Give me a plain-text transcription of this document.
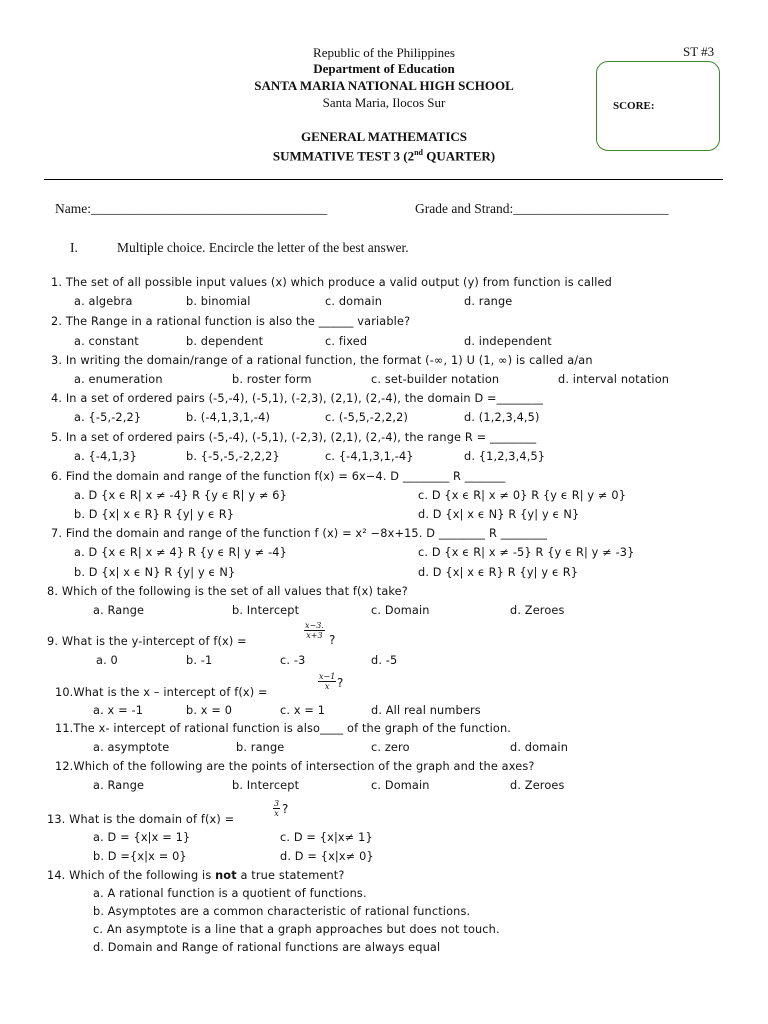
Republic of the Philippines
Department of Education
SANTA MARIA NATIONAL HIGH SCHOOL
Santa Maria, Ilocos Sur
GENERAL MATHEMATICS
SUMMATIVE TEST 3 (2nd QUARTER)
ST #3
SCORE:
Name:___________________________________	Grade and Strand:_______________________
I.	Multiple choice. Encircle the letter of the best answer.
1. The set of all possible input values (x) which produce a valid output (y) from function is called
a. algebra	b. binomial	c. domain	d. range
2. The Range in a rational function is also the ______ variable?
a. constant	b. dependent	c. fixed	d. independent
3. In writing the domain/range of a rational function, the format (-∞, 1) U (1, ∞) is called a/an
a. enumeration	b. roster form	c. set-builder notation	d. interval notation
4. In a set of ordered pairs (-5,-4), (-5,1), (-2,3), (2,1), (2,-4), the domain D =________
a. {-5,-2,2}	b. (-4,1,3,1,-4)	c. (-5,5,-2,2,2)	d. (1,2,3,4,5)
5. In a set of ordered pairs (-5,-4), (-5,1), (-2,3), (2,1), (2,-4), the range R = ________
a. {-4,1,3}	b. {-5,-5,-2,2,2}	c. {-4,1,3,1,-4}	d. {1,2,3,4,5}
6. Find the domain and range of the function f(x) = 6x−4. D ________ R _______
a. D {x ϵ R| x ≠ -4} R {y ϵ R| y ≠ 6}	c. D {x ϵ R| x ≠ 0} R {y ϵ R| y ≠ 0}
b. D {x| x ϵ R} R {y| y ϵ R}	d. D {x| x ϵ N} R {y| y ϵ N}
7. Find the domain and range of the function f (x) = x² −8x+15. D ________ R ________
a. D {x ϵ R| x ≠ 4} R {y ϵ R| y ≠ -4}	c. D {x ϵ R| x ≠ -5} R {y ϵ R| y ≠ -3}
b. D {x| x ϵ N} R {y| y ϵ N}	d. D {x| x ϵ R} R {y| y ϵ R}
8. Which of the following is the set of all values that f(x) take?
a. Range	b. Intercept	c. Domain	d. Zeroes
9. What is the y-intercept of f(x) =
$\frac{x-3.}{x+3}$ ?
a. 0	b. -1	c. -3	d. -5
10.What is the x – intercept of f(x) =
$\frac{x-1}{x}$ ?
a. x = -1	b. x = 0	c. x = 1	d. All real numbers
11.The x- intercept of rational function is also____ of the graph of the function.
a. asymptote	b. range	c. zero	d. domain
12.Which of the following are the points of intersection of the graph and the axes?
a. Range	b. Intercept	c. Domain	d. Zeroes
13. What is the domain of f(x) =
$\frac{3}{x}$ ?
a. D = {x|x = 1}	c. D = {x|x≠ 1}
b. D ={x|x = 0}	d. D = {x|x≠ 0}
14. Which of the following is not a true statement?
a. A rational function is a quotient of functions.
b. Asymptotes are a common characteristic of rational functions.
c. An asymptote is a line that a graph approaches but does not touch.
d. Domain and Range of rational functions are always equal
